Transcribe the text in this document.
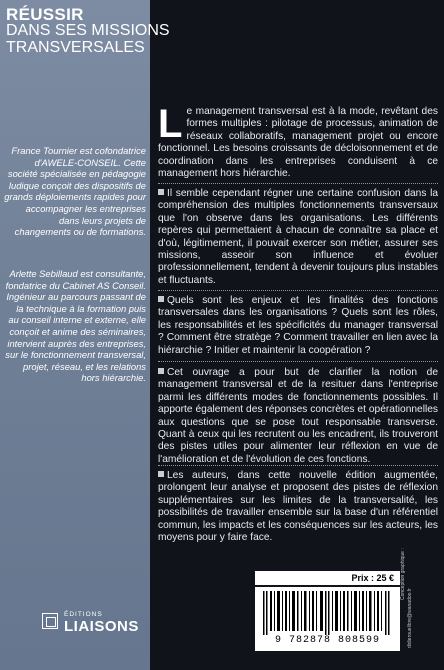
RÉUSSIR
DANS SES MISSIONS
TRANSVERSALES
France Tournier est cofondatrice d'AWELE-CONSEIL. Cette société spécialisée en pédagogie ludique conçoit des dispositifs de grands déploiements rapides pour accompagner les entreprises dans leurs projets de changements ou de formations.
Arlette Sebillaud est consultante, fondatrice du Cabinet AS Conseil. Ingénieur au parcours passant de la technique à la formation puis au conseil interne et externe, elle conçoit et anime des séminaires, intervient auprès des entreprises, sur le fonctionnement transversal, projet, réseau, et les relations hors hiérarchie.
Le management transversal est à la mode, revêtant des formes multiples : pilotage de processus, animation de réseaux collaboratifs, management projet ou encore fonctionnel. Les besoins croissants de décloisonnement et de coordination dans les entreprises conduisent à ce management hors hiérarchie.
Il semble cependant régner une certaine confusion dans la compréhension des multiples fonctionnements transversaux que l'on observe dans les organisations. Les différents repères qui permettaient à chacun de connaître sa place et d'où, légitimement, il pouvait exercer son métier, assurer ses missions, asseoir son influence et évoluer professionnellement, tendent à devenir toujours plus instables et fluctuants.
Quels sont les enjeux et les finalités des fonctions transversales dans les organisations ? Quels sont les rôles, les responsabilités et les spécificités du manager transversal ? Comment être stratège ? Comment travailler en lien avec la hiérarchie ? Initier et maintenir la coopération ?
Cet ouvrage a pour but de clarifier la notion de management transversal et de la resituer dans l'entreprise parmi les différents modes de fonctionnements possibles. Il apporte également des réponses concrètes et opérationnelles aux questions que se pose tout responsable transverse. Quant à ceux qui les recrutent ou les encadrent, ils trouveront des pistes utiles pour alimenter leur réflexion en vue de l'amélioration et de l'évolution de ces fonctions.
Les auteurs, dans cette nouvelle édition augmentée, prolongent leur analyse et proposent des pistes de réflexion supplémentaires sur les limites de la transversalité, les possibilités de travailler ensemble sur la base d'un référentiel commun, les impacts et les conséquences sur les acteurs, les moyens pour y faire face.
Prix : 25 €
9 782878 808599
Conception graphique :
didierouelibre@wanadoo.fr
ÉDITIONS
LIAISONS
